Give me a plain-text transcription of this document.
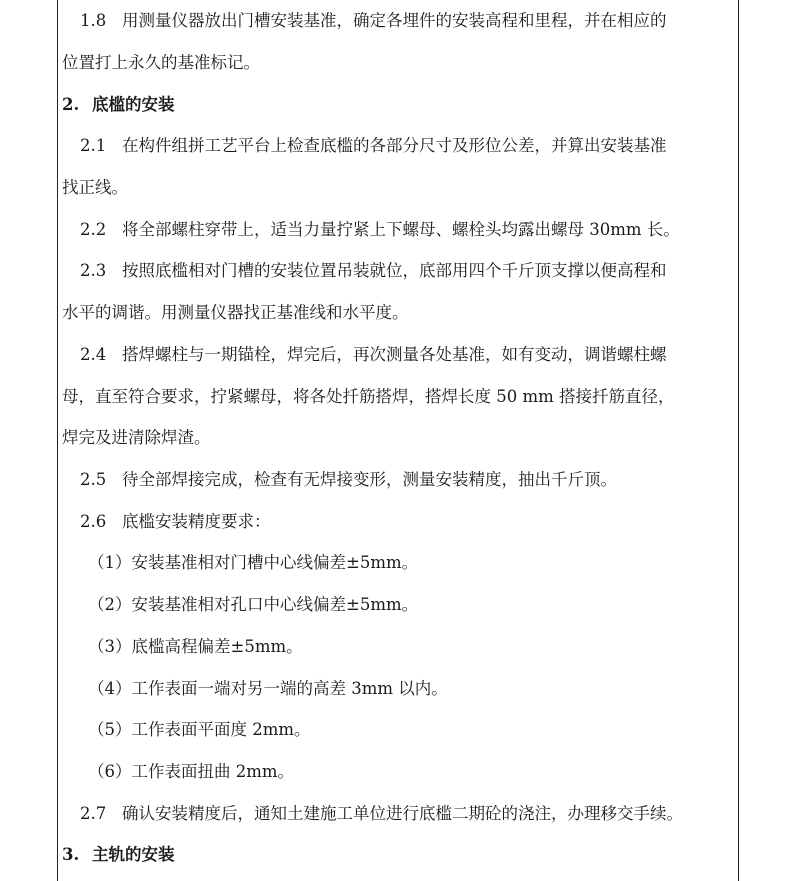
1.8 用测量仪器放出门槽安装基准，确定各埋件的安装高程和里程，并在相应的
位置打上永久的基准标记。
2. 底槛的安装
2.1 在构件组拼工艺平台上检查底槛的各部分尺寸及形位公差，并算出安装基准
找正线。
2.2 将全部螺柱穿带上，适当力量拧紧上下螺母、螺栓头均露出螺母 30mm 长。
2.3 按照底槛相对门槽的安装位置吊装就位，底部用四个千斤顶支撑以便高程和
水平的调谐。用测量仪器找正基准线和水平度。
2.4 搭焊螺柱与一期锚栓，焊完后，再次测量各处基准，如有变动，调谐螺柱螺
母，直至符合要求，拧紧螺母，将各处扦筋搭焊，搭焊长度 50 mm 搭接扦筋直径，
焊完及进清除焊渣。
2.5 待全部焊接完成，检查有无焊接变形，测量安装精度，抽出千斤顶。
2.6 底槛安装精度要求：
（1）安装基准相对门槽中心线偏差±5mm。
（2）安装基准相对孔口中心线偏差±5mm。
（3）底槛高程偏差±5mm。
（4）工作表面一端对另一端的高差 3mm 以内。
（5）工作表面平面度 2mm。
（6）工作表面扭曲 2mm。
2.7 确认安装精度后，通知土建施工单位进行底槛二期砼的浇注，办理移交手续。
3. 主轨的安装
